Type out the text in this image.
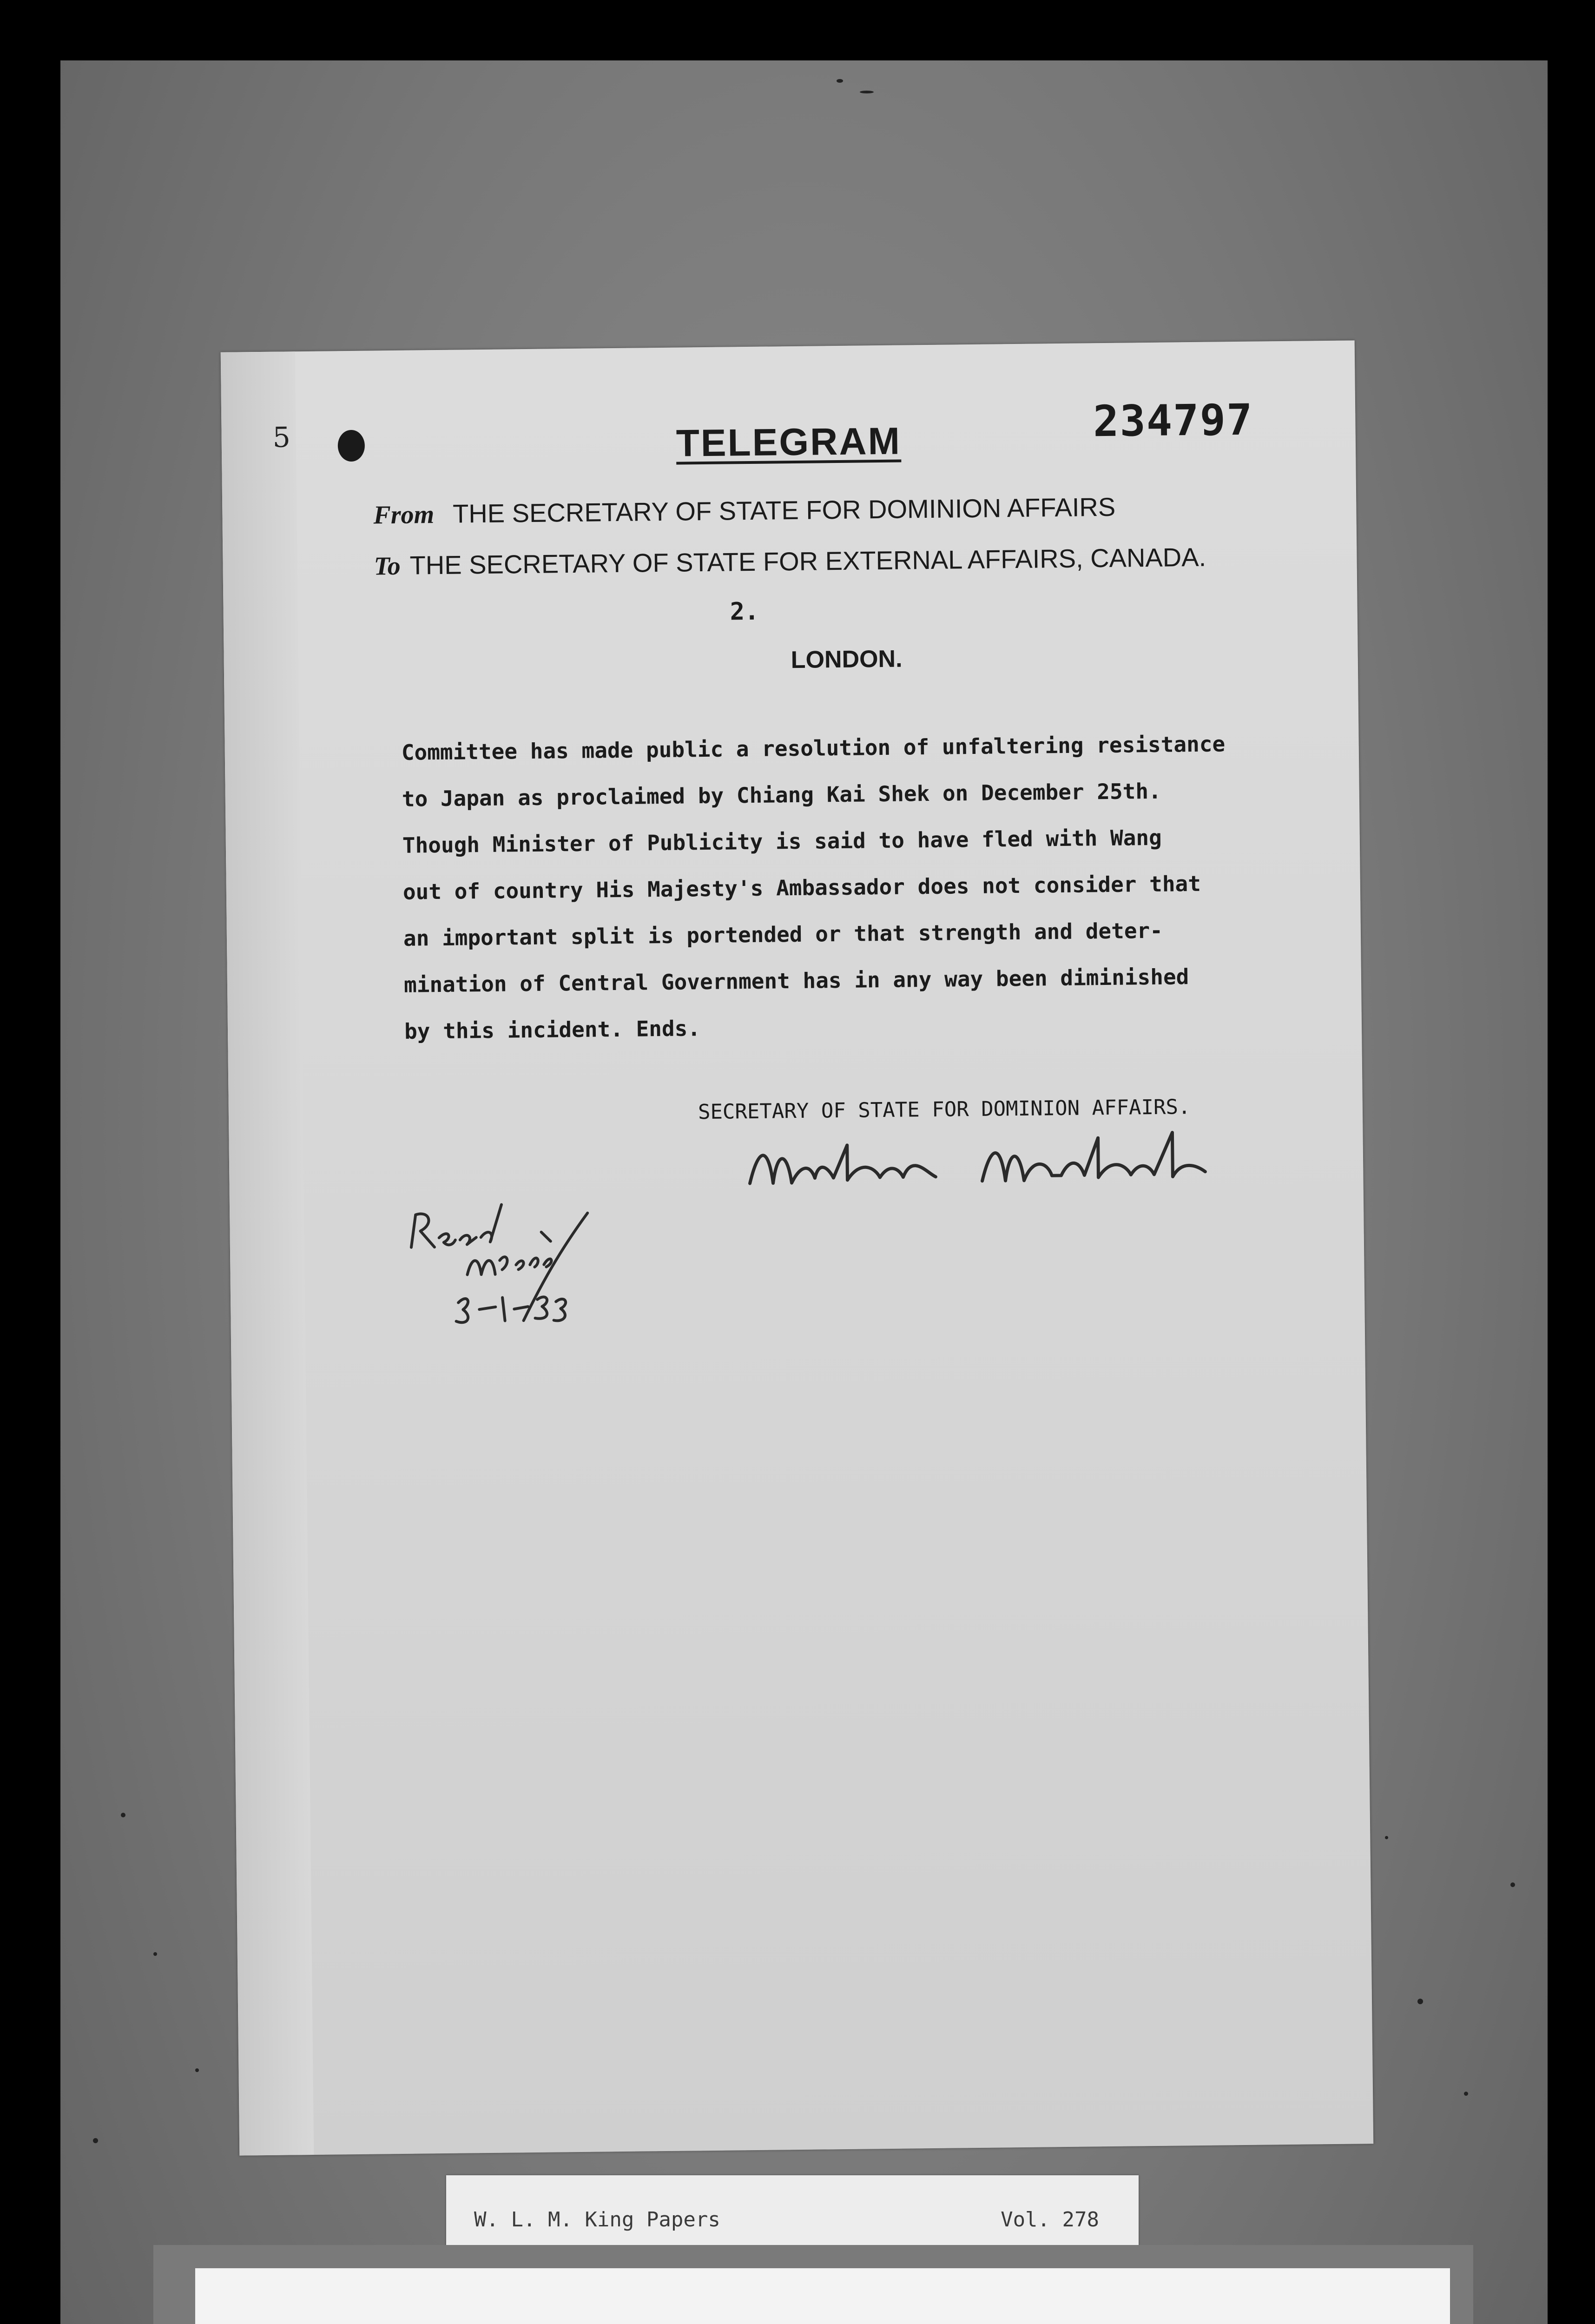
5	234797
TELEGRAM
From THE SECRETARY OF STATE FOR DOMINION AFFAIRS
To THE SECRETARY OF STATE FOR EXTERNAL AFFAIRS, CANADA.
2.
LONDON.
Committee has made public a resolution of unfaltering resistance
to Japan as proclaimed by Chiang Kai Shek on December 25th.
Though Minister of Publicity is said to have fled with Wang
out of country His Majesty's Ambassador does not consider that
an important split is portended or that strength and deter-
mination of Central Government has in any way been diminished
by this incident. Ends.
SECRETARY OF STATE FOR DOMINION AFFAIRS.
W. L. M. King Papers	Vol. 278
